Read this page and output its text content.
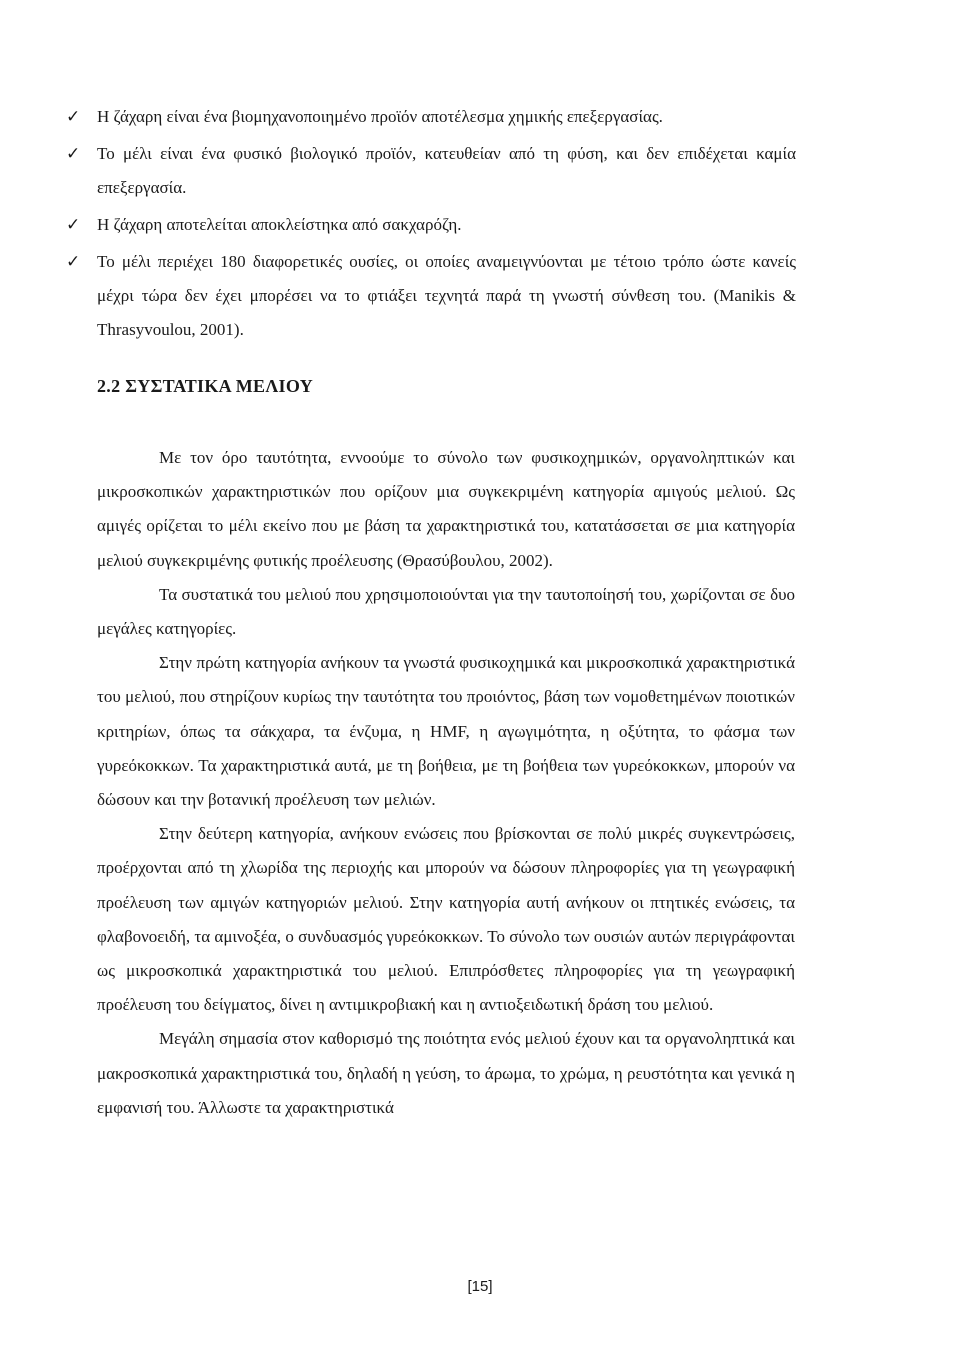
✓ Η ζάχαρη είναι ένα βιομηχανοποιημένο προϊόν αποτέλεσμα χημικής επεξεργασίας.
✓ Το μέλι είναι ένα φυσικό βιολογικό προϊόν, κατευθείαν από τη φύση, και δεν επιδέχεται καμία επεξεργασία.
✓ Η ζάχαρη αποτελείται αποκλείστηκα από σακχαρόζη.
✓ Το μέλι περιέχει 180 διαφορετικές ουσίες, οι οποίες αναμειγνύονται με τέτοιο τρόπο ώστε κανείς μέχρι τώρα δεν έχει μπορέσει να το φτιάξει τεχνητά παρά τη γνωστή σύνθεση του. (Manikis & Thrasyvoulou, 2001).
2.2 ΣΥΣΤΑΤΙΚΑ ΜΕΛΙΟΥ

Με τον όρο ταυτότητα, εννοούμε το σύνολο των φυσικοχημικών, οργανοληπτικών και μικροσκοπικών χαρακτηριστικών που ορίζουν μια συγκεκριμένη κατηγορία αμιγούς μελιού. Ως αμιγές ορίζεται το μέλι εκείνο που με βάση τα χαρακτηριστικά του, κατατάσσεται σε μια κατηγορία μελιού συγκεκριμένης φυτικής προέλευσης (Θρασύβουλου, 2002).

Τα συστατικά του μελιού που χρησιμοποιούνται για την ταυτοποίησή του, χωρίζονται σε δυο μεγάλες κατηγορίες.

Στην πρώτη κατηγορία ανήκουν τα γνωστά φυσικοχημικά και μικροσκοπικά χαρακτηριστικά του μελιού, που στηρίζουν κυρίως την ταυτότητα του προιόντος, βάση των νομοθετημένων ποιοτικών κριτηρίων, όπως τα σάκχαρα, τα ένζυμα, η HMF, η αγωγιμότητα, η οξύτητα, το φάσμα των γυρεόκοκκων. Τα χαρακτηριστικά αυτά, με τη βοήθεια, με τη βοήθεια των γυρεόκοκκων, μπορούν να δώσουν και την βοτανική προέλευση των μελιών.

Στην δεύτερη κατηγορία, ανήκουν ενώσεις που βρίσκονται σε πολύ μικρές συγκεντρώσεις, προέρχονται από τη χλωρίδα της περιοχής και μπορούν να δώσουν πληροφορίες για τη γεωγραφική προέλευση των αμιγών κατηγοριών μελιού. Στην κατηγορία αυτή ανήκουν οι πτητικές ενώσεις, τα φλαβονοειδή, τα αμινοξέα, ο συνδυασμός γυρεόκοκκων. Το σύνολο των ουσιών αυτών περιγράφονται ως μικροσκοπικά χαρακτηριστικά του μελιού. Επιπρόσθετες πληροφορίες για τη γεωγραφική προέλευση του δείγματος, δίνει η αντιμικροβιακή και η αντιοξειδωτική δράση του μελιού.

Μεγάλη σημασία στον καθορισμό της ποιότητα ενός μελιού έχουν και τα οργανοληπτικά και μακροσκοπικά χαρακτηριστικά του, δηλαδή η γεύση, το άρωμα, το χρώμα, η ρευστότητα και γενικά η εμφανισή του. Άλλωστε τα χαρακτηριστικά

[15]
